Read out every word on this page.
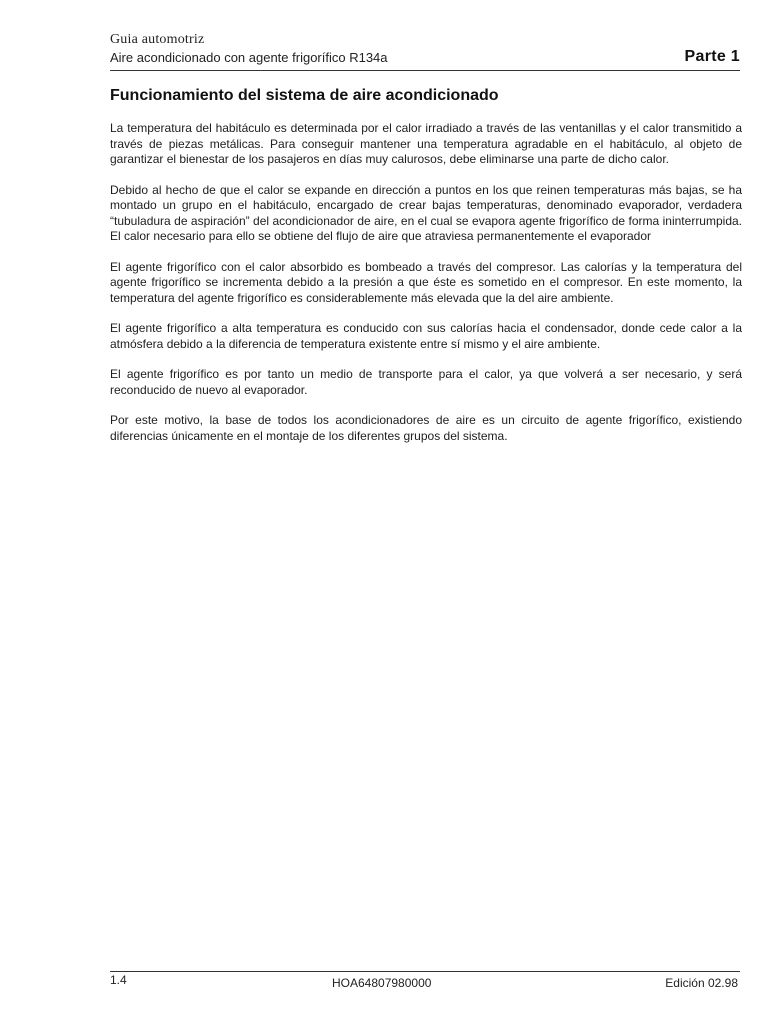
Guia automotriz
Aire acondicionado con agente frigorífico R134a	Parte 1
Funcionamiento del sistema de aire acondicionado

La temperatura del habitáculo es determinada por el calor irradiado a través de las ventanillas y el calor transmitido a través de piezas metálicas. Para conseguir mantener una temperatura agradable en el habitáculo, al objeto de garantizar el bienestar de los pasajeros en días muy calurosos, debe eliminarse una parte de dicho calor.

Debido al hecho de que el calor se expande en dirección a puntos en los que reinen temperaturas más bajas, se ha montado un grupo en el habitáculo, encargado de crear bajas temperaturas, denominado evaporador, verdadera “tubuladura de aspiración” del acondicionador de aire, en el cual se evapora agente frigorífico de forma ininterrumpida. El calor necesario para ello se obtiene del flujo de aire que atraviesa permanentemente el evaporador

El agente frigorífico con el calor absorbido es bombeado a través del compresor. Las calorías y la temperatura del agente frigorífico se incrementa debido a la presión a que éste es sometido en el compresor. En este momento, la temperatura del agente frigorífico es considerablemente más elevada que la del aire ambiente.

El agente frigorífico a alta temperatura es conducido con sus calorías hacia el condensador, donde cede calor a la atmósfera debido a la diferencia de temperatura existente entre sí mismo y el aire ambiente.

El agente frigorífico es por tanto un medio de transporte para el calor, ya que volverá a ser necesario, y será reconducido de nuevo al evaporador.

Por este motivo, la base de todos los acondicionadores de aire es un circuito de agente frigorífico, existiendo diferencias únicamente en el montaje de los diferentes grupos del sistema.

1.4	HOA64807980000	Edición 02.98
